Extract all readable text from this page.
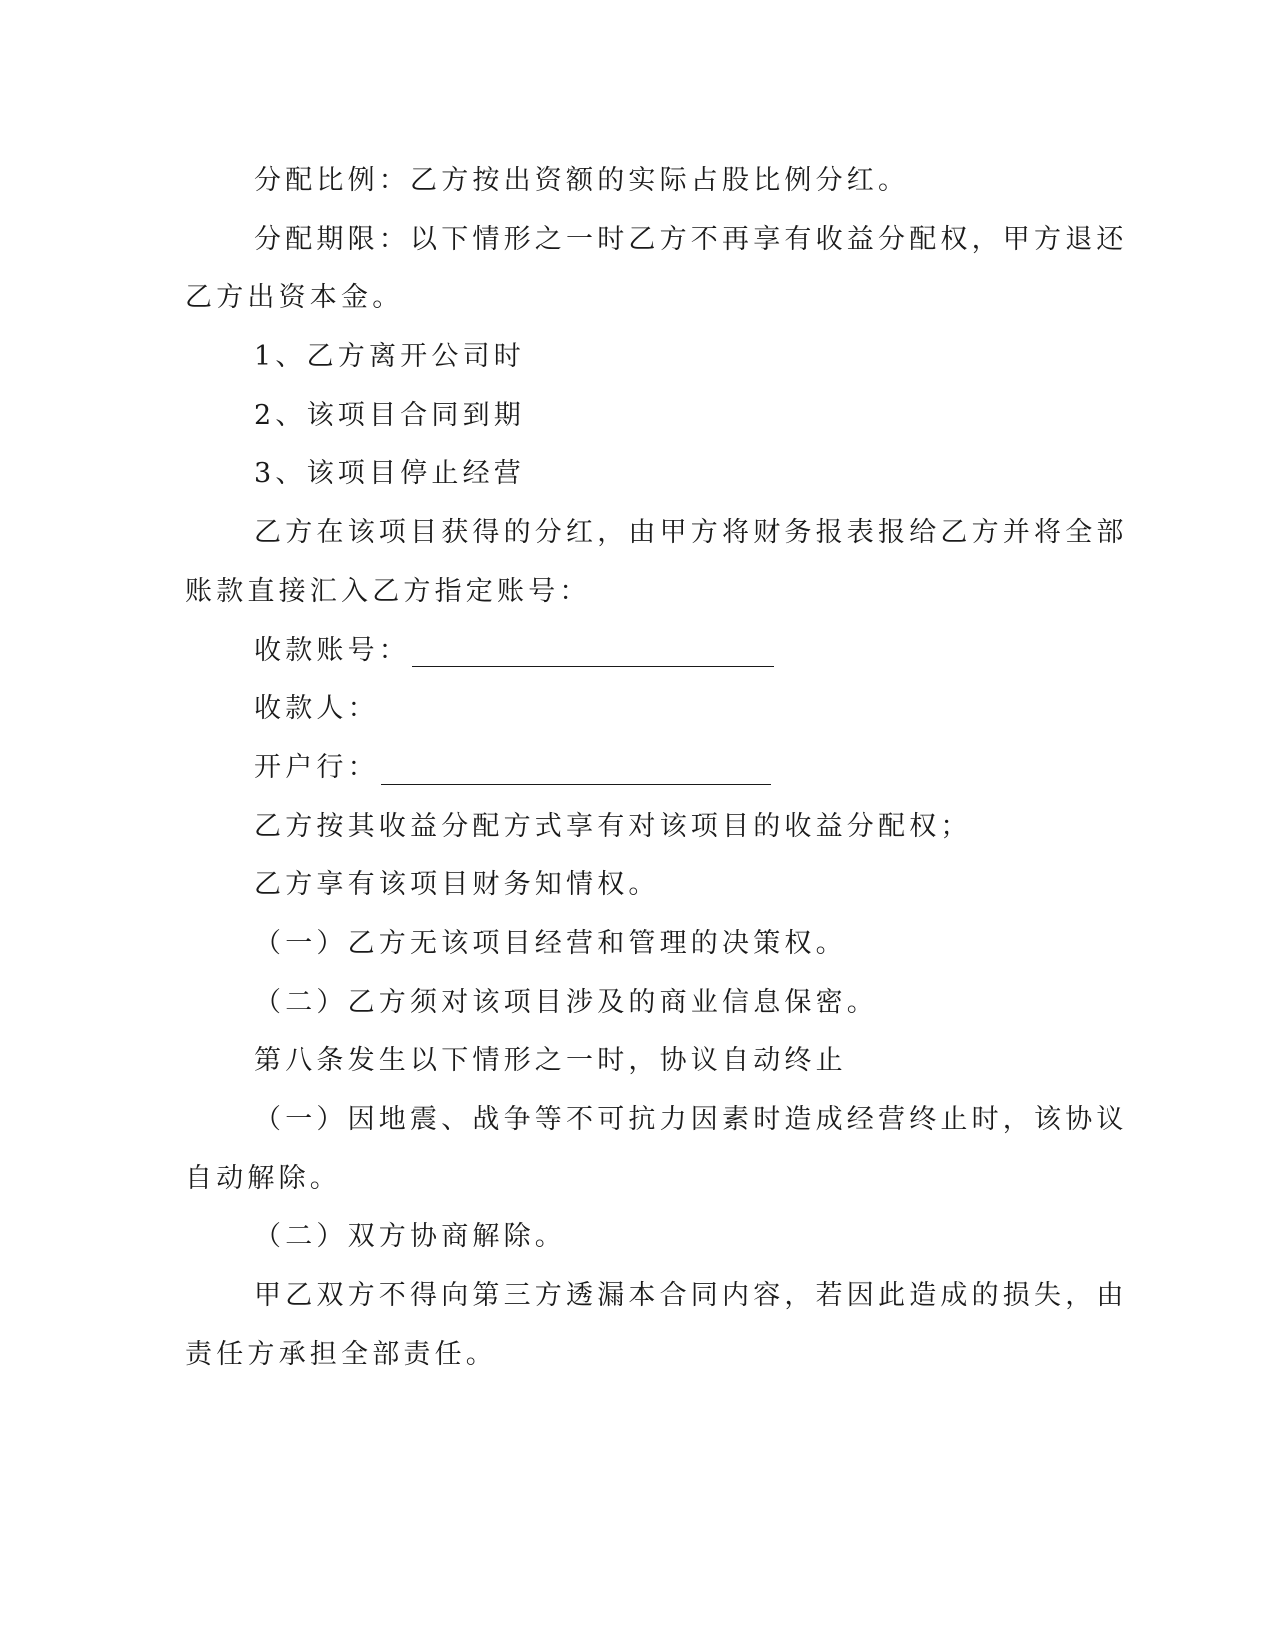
分配比例：乙方按出资额的实际占股比例分红。
分配期限：以下情形之一时乙方不再享有收益分配权，甲方退还
乙方出资本金。
1、乙方离开公司时
2、该项目合同到期
3、该项目停止经营
乙方在该项目获得的分红，由甲方将财务报表报给乙方并将全部
账款直接汇入乙方指定账号：
收款账号：
收款人：
开户行：
乙方按其收益分配方式享有对该项目的收益分配权；
乙方享有该项目财务知情权。
（一）乙方无该项目经营和管理的决策权。
（二）乙方须对该项目涉及的商业信息保密。
第八条发生以下情形之一时，协议自动终止
（一）因地震、战争等不可抗力因素时造成经营终止时，该协议
自动解除。
（二）双方协商解除。
甲乙双方不得向第三方透漏本合同内容，若因此造成的损失，由
责任方承担全部责任。
